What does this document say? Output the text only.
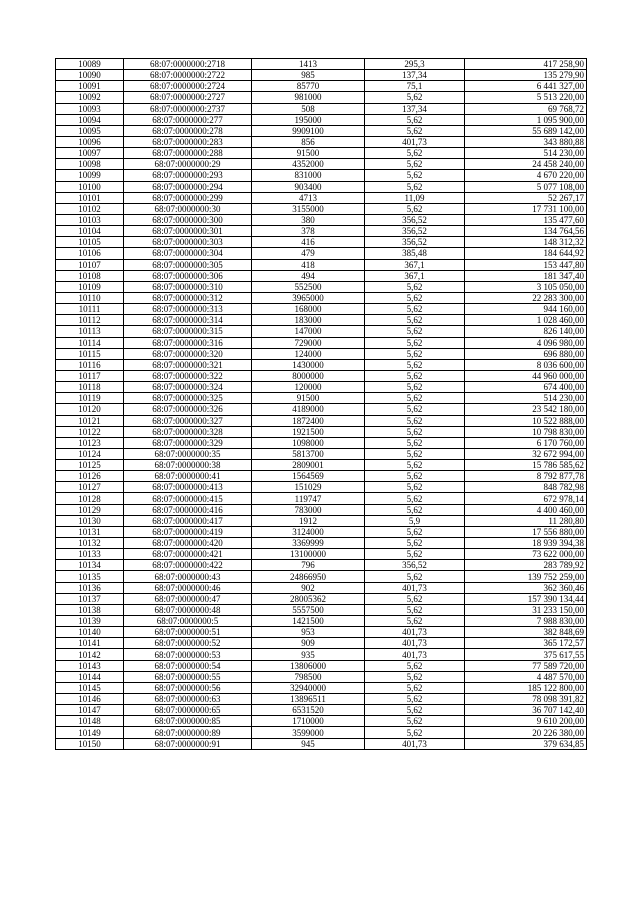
10089	68:07:0000000:2718	1413	295,3	417 258,90
10090	68:07:0000000:2722	985	137,34	135 279,90
10091	68:07:0000000:2724	85770	75,1	6 441 327,00
10092	68:07:0000000:2727	981000	5,62	5 513 220,00
10093	68:07:0000000:2737	508	137,34	69 768,72
10094	68:07:0000000:277	195000	5,62	1 095 900,00
10095	68:07:0000000:278	9909100	5,62	55 689 142,00
10096	68:07:0000000:283	856	401,73	343 880,88
10097	68:07:0000000:288	91500	5,62	514 230,00
10098	68:07:0000000:29	4352000	5,62	24 458 240,00
10099	68:07:0000000:293	831000	5,62	4 670 220,00
10100	68:07:0000000:294	903400	5,62	5 077 108,00
10101	68:07:0000000:299	4713	11,09	52 267,17
10102	68:07:0000000:30	3155000	5,62	17 731 100,00
10103	68:07:0000000:300	380	356,52	135 477,60
10104	68:07:0000000:301	378	356,52	134 764,56
10105	68:07:0000000:303	416	356,52	148 312,32
10106	68:07:0000000:304	479	385,48	184 644,92
10107	68:07:0000000:305	418	367,1	153 447,80
10108	68:07:0000000:306	494	367,1	181 347,40
10109	68:07:0000000:310	552500	5,62	3 105 050,00
10110	68:07:0000000:312	3965000	5,62	22 283 300,00
10111	68:07:0000000:313	168000	5,62	944 160,00
10112	68:07:0000000:314	183000	5,62	1 028 460,00
10113	68:07:0000000:315	147000	5,62	826 140,00
10114	68:07:0000000:316	729000	5,62	4 096 980,00
10115	68:07:0000000:320	124000	5,62	696 880,00
10116	68:07:0000000:321	1430000	5,62	8 036 600,00
10117	68:07:0000000:322	8000000	5,62	44 960 000,00
10118	68:07:0000000:324	120000	5,62	674 400,00
10119	68:07:0000000:325	91500	5,62	514 230,00
10120	68:07:0000000:326	4189000	5,62	23 542 180,00
10121	68:07:0000000:327	1872400	5,62	10 522 888,00
10122	68:07:0000000:328	1921500	5,62	10 798 830,00
10123	68:07:0000000:329	1098000	5,62	6 170 760,00
10124	68:07:0000000:35	5813700	5,62	32 672 994,00
10125	68:07:0000000:38	2809001	5,62	15 786 585,62
10126	68:07:0000000:41	1564569	5,62	8 792 877,78
10127	68:07:0000000:413	151029	5,62	848 782,98
10128	68:07:0000000:415	119747	5,62	672 978,14
10129	68:07:0000000:416	783000	5,62	4 400 460,00
10130	68:07:0000000:417	1912	5,9	11 280,80
10131	68:07:0000000:419	3124000	5,62	17 556 880,00
10132	68:07:0000000:420	3369999	5,62	18 939 394,38
10133	68:07:0000000:421	13100000	5,62	73 622 000,00
10134	68:07:0000000:422	796	356,52	283 789,92
10135	68:07:0000000:43	24866950	5,62	139 752 259,00
10136	68:07:0000000:46	902	401,73	362 360,46
10137	68:07:0000000:47	28005362	5,62	157 390 134,44
10138	68:07:0000000:48	5557500	5,62	31 233 150,00
10139	68:07:0000000:5	1421500	5,62	7 988 830,00
10140	68:07:0000000:51	953	401,73	382 848,69
10141	68:07:0000000:52	909	401,73	365 172,57
10142	68:07:0000000:53	935	401,73	375 617,55
10143	68:07:0000000:54	13806000	5,62	77 589 720,00
10144	68:07:0000000:55	798500	5,62	4 487 570,00
10145	68:07:0000000:56	32940000	5,62	185 122 800,00
10146	68:07:0000000:63	13896511	5,62	78 098 391,82
10147	68:07:0000000:65	6531520	5,62	36 707 142,40
10148	68:07:0000000:85	1710000	5,62	9 610 200,00
10149	68:07:0000000:89	3599000	5,62	20 226 380,00
10150	68:07:0000000:91	945	401,73	379 634,85
